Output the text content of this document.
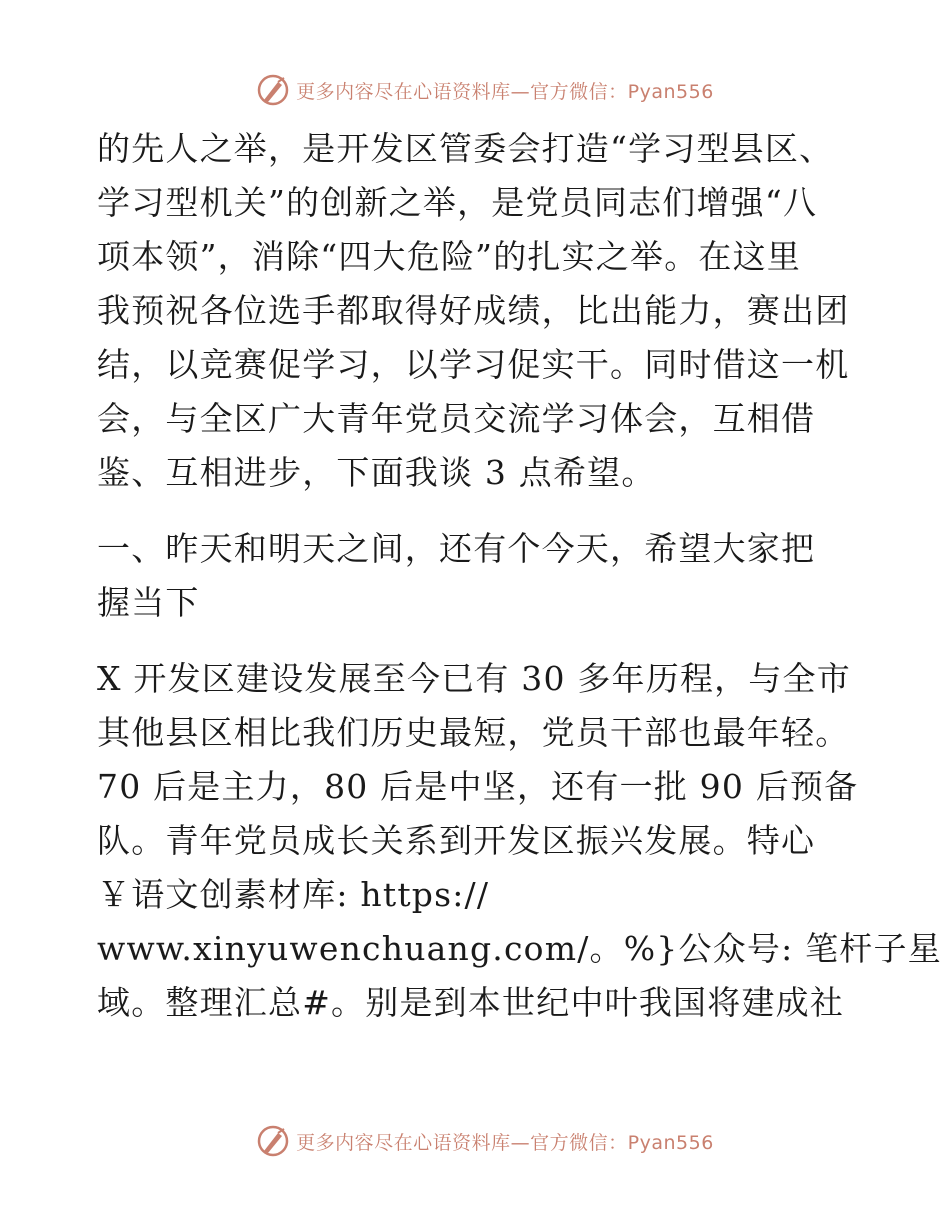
更多内容尽在心语资料库—官方微信：Pyan556
的先人之举，是开发区管委会打造“学习型县区、
学习型机关”的创新之举，是党员同志们增强“八
项本领”，消除“四大危险”的扎实之举。在这里
我预祝各位选手都取得好成绩，比出能力，赛出团
结，以竞赛促学习，以学习促实干。同时借这一机
会，与全区广大青年党员交流学习体会，互相借
鉴、互相进步，下面我谈 3 点希望。
一、昨天和明天之间，还有个今天，希望大家把
握当下
X 开发区建设发展至今已有 30 多年历程，与全市
其他县区相比我们历史最短，党员干部也最年轻。
70 后是主力，80 后是中坚，还有一批 90 后预备
队。青年党员成长关系到开发区振兴发展。特心
￥语文创素材库: https://
www.xinyuwenchuang.com/。%}公众号: 笔杆子星
域。整理汇总#。别是到本世纪中叶我国将建成社
更多内容尽在心语资料库—官方微信：Pyan556
